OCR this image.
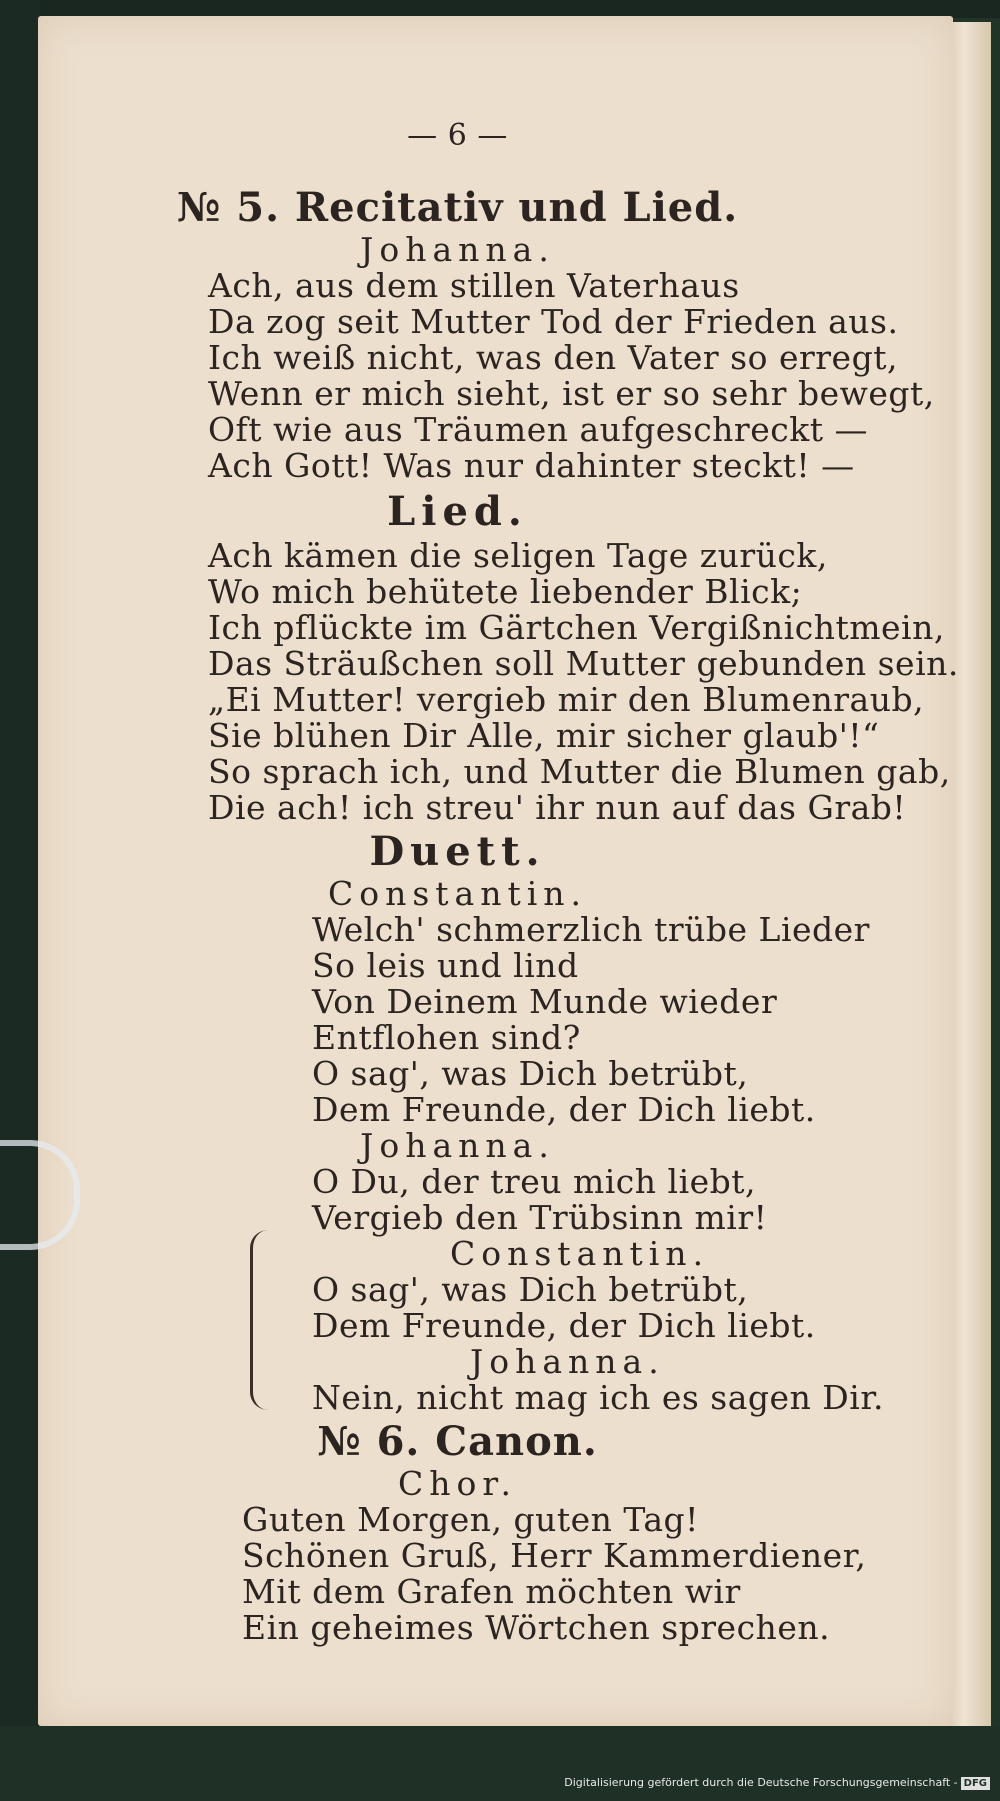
— 6 —
№ 5. Recitativ und Lied.
Johanna.
Ach, aus dem stillen Vaterhaus
Da zog seit Mutter Tod der Frieden aus.
Ich weiß nicht, was den Vater so erregt,
Wenn er mich sieht, ist er so sehr bewegt,
Oft wie aus Träumen aufgeschreckt —
Ach Gott! Was nur dahinter steckt! —
Lied.
Ach kämen die seligen Tage zurück,
Wo mich behütete liebender Blick;
Ich pflückte im Gärtchen Vergißnichtmein,
Das Sträußchen soll Mutter gebunden sein.
„Ei Mutter! vergieb mir den Blumenraub,
Sie blühen Dir Alle, mir sicher glaub'!“
So sprach ich, und Mutter die Blumen gab,
Die ach! ich streu' ihr nun auf das Grab!
Duett.
Constantin.
Welch' schmerzlich trübe Lieder
So leis und lind
Von Deinem Munde wieder
Entflohen sind?
O sag', was Dich betrübt,
Dem Freunde, der Dich liebt.
Johanna.
O Du, der treu mich liebt,
Vergieb den Trübsinn mir!
Constantin.
O sag', was Dich betrübt,
Dem Freunde, der Dich liebt.
Johanna.
Nein, nicht mag ich es sagen Dir.
№ 6. Canon.
Chor.
Guten Morgen, guten Tag!
Schönen Gruß, Herr Kammerdiener,
Mit dem Grafen möchten wir
Ein geheimes Wörtchen sprechen.
Digitalisierung gefördert durch die Deutsche Forschungsgemeinschaft - DFG
